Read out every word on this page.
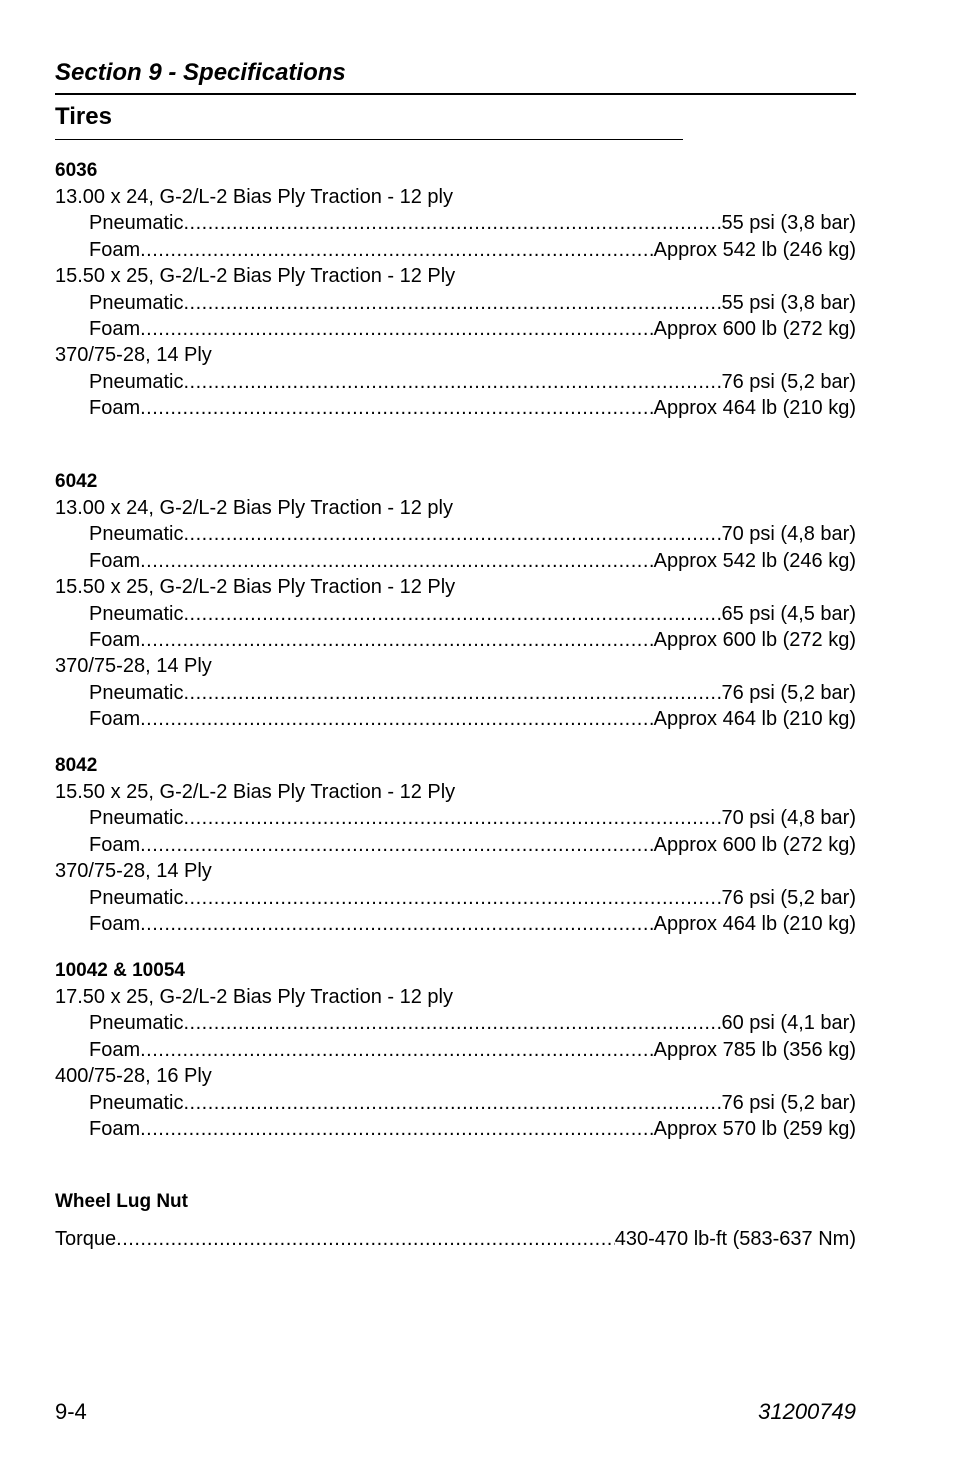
Section 9 - Specifications
Tires
6036
13.00 x 24, G-2/L-2 Bias Ply Traction - 12 ply
Pneumatic .....	55 psi (3,8 bar)
Foam .....	Approx 542 lb (246 kg)
15.50 x 25, G-2/L-2 Bias Ply Traction - 12 Ply
Pneumatic .....	55 psi (3,8 bar)
Foam .....	Approx 600 lb (272 kg)
370/75-28, 14 Ply
Pneumatic .....	76 psi (5,2 bar)
Foam .....	Approx 464 lb (210 kg)
6042
13.00 x 24, G-2/L-2 Bias Ply Traction - 12 ply
Pneumatic .....	70 psi (4,8 bar)
Foam .....	Approx 542 lb (246 kg)
15.50 x 25, G-2/L-2 Bias Ply Traction - 12 Ply
Pneumatic .....	65 psi (4,5 bar)
Foam .....	Approx 600 lb (272 kg)
370/75-28, 14 Ply
Pneumatic .....	76 psi (5,2 bar)
Foam .....	Approx 464 lb (210 kg)
8042
15.50 x 25, G-2/L-2 Bias Ply Traction - 12 Ply
Pneumatic .....	70 psi (4,8 bar)
Foam .....	Approx 600 lb (272 kg)
370/75-28, 14 Ply
Pneumatic .....	76 psi (5,2 bar)
Foam .....	Approx 464 lb (210 kg)
10042 & 10054
17.50 x 25, G-2/L-2 Bias Ply Traction - 12 ply
Pneumatic .....	60 psi (4,1 bar)
Foam .....	Approx 785 lb (356 kg)
400/75-28, 16 Ply
Pneumatic .....	76 psi (5,2 bar)
Foam .....	Approx 570 lb (259 kg)
Wheel Lug Nut
Torque .....	430-470 lb-ft (583-637 Nm)
9-4	31200749
